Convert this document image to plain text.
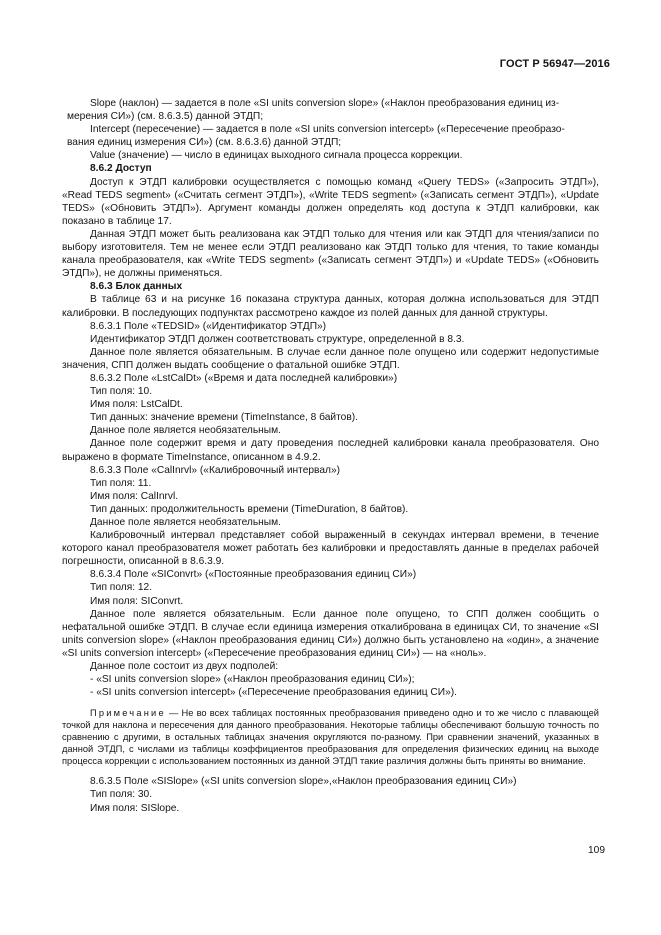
ГОСТ Р 56947—2016

Slope (наклон) — задается в поле «SI units conversion slope» («Наклон преобразования единиц из-

мерения СИ») (см. 8.6.3.5) данной ЭТДП;

Intercept (пересечение) — задается в поле «SI units conversion intercept» («Пересечение преобразо-

вания единиц измерения СИ») (см. 8.6.3.6) данной ЭТДП;

Value (значение) — число в единицах выходного сигнала процесса коррекции.

8.6.2 Доступ

Доступ к ЭТДП калибровки осуществляется с помощью команд «Query TEDS» («Запросить ЭТДП»), «Read TEDS segment» («Считать сегмент ЭТДП»), «Write TEDS segment» («Записать сегмент ЭТДП»), «Update TEDS» («Обновить ЭТДП»). Аргумент команды должен определять код доступа к ЭТДП калибровки, как показано в таблице 17.

Данная ЭТДП может быть реализована как ЭТДП только для чтения или как ЭТДП для чтения/записи по выбору изготовителя. Тем не менее если ЭТДП реализовано как ЭТДП только для чтения, то такие команды канала преобразователя, как «Write TEDS segment» («Записать сегмент ЭТДП») и «Update TEDS» («Обновить ЭТДП»), не должны применяться.

8.6.3 Блок данных

В таблице 63 и на рисунке 16 показана структура данных, которая должна использоваться для ЭТДП калибровки. В последующих подпунктах рассмотрено каждое из полей данных для данной структуры.

8.6.3.1 Поле «TEDSID» («Идентификатор ЭТДП»)

Идентификатор ЭТДП должен соответствовать структуре, определенной в 8.3.

Данное поле является обязательным. В случае если данное поле опущено или содержит недопустимые значения, СПП должен выдать сообщение о фатальной ошибке ЭТДП.

8.6.3.2 Поле «LstCalDt» («Время и дата последней калибровки»)

Тип поля: 10.

Имя поля: LstCalDt.

Тип данных: значение времени (TimeInstance, 8 байтов).

Данное поле является необязательным.

Данное поле содержит время и дату проведения последней калибровки канала преобразователя. Оно выражено в формате TimeInstance, описанном в 4.9.2.

8.6.3.3 Поле «CalInrvl» («Калибровочный интервал»)

Тип поля: 11.

Имя поля: CalInrvl.

Тип данных: продолжительность времени (TimeDuration, 8 байтов).

Данное поле является необязательным.

Калибровочный интервал представляет собой выраженный в секундах интервал времени, в течение которого канал преобразователя может работать без калибровки и предоставлять данные в пределах рабочей погрешности, описанной в 8.6.3.9.

8.6.3.4 Поле «SIConvrt» («Постоянные преобразования единиц СИ»)

Тип поля: 12.

Имя поля: SIConvrt.

Данное поле является обязательным. Если данное поле опущено, то СПП должен сообщить о нефатальной ошибке ЭТДП. В случае если единица измерения откалибрована в единицах СИ, то значение «SI units conversion slope» («Наклон преобразования единиц СИ») должно быть установлено на «один», а значение «SI units conversion intercept» («Пересечение преобразования единиц СИ») — на «ноль».

Данное поле состоит из двух подполей:

- «SI units conversion slope» («Наклон преобразования единиц СИ»);

- «SI units conversion intercept» («Пересечение преобразования единиц СИ»).

Примечание — Не во всех таблицах постоянных преобразования приведено одно и то же число с плавающей точкой для наклона и пересечения для данного преобразования. Некоторые таблицы обеспечивают большую точность по сравнению с другими, в остальных таблицах значения округляются по-разному. При сравнении значений, указанных в данной ЭТДП, с числами из таблицы коэффициентов преобразования для определения физических единиц на выходе процесса коррекции с использованием постоянных из данной ЭТДП такие различия должны быть приняты во внимание.

8.6.3.5 Поле «SISlope» («SI units conversion slope»,«Наклон преобразования единиц СИ»)

Тип поля: 30.

Имя поля: SISlope.

109
